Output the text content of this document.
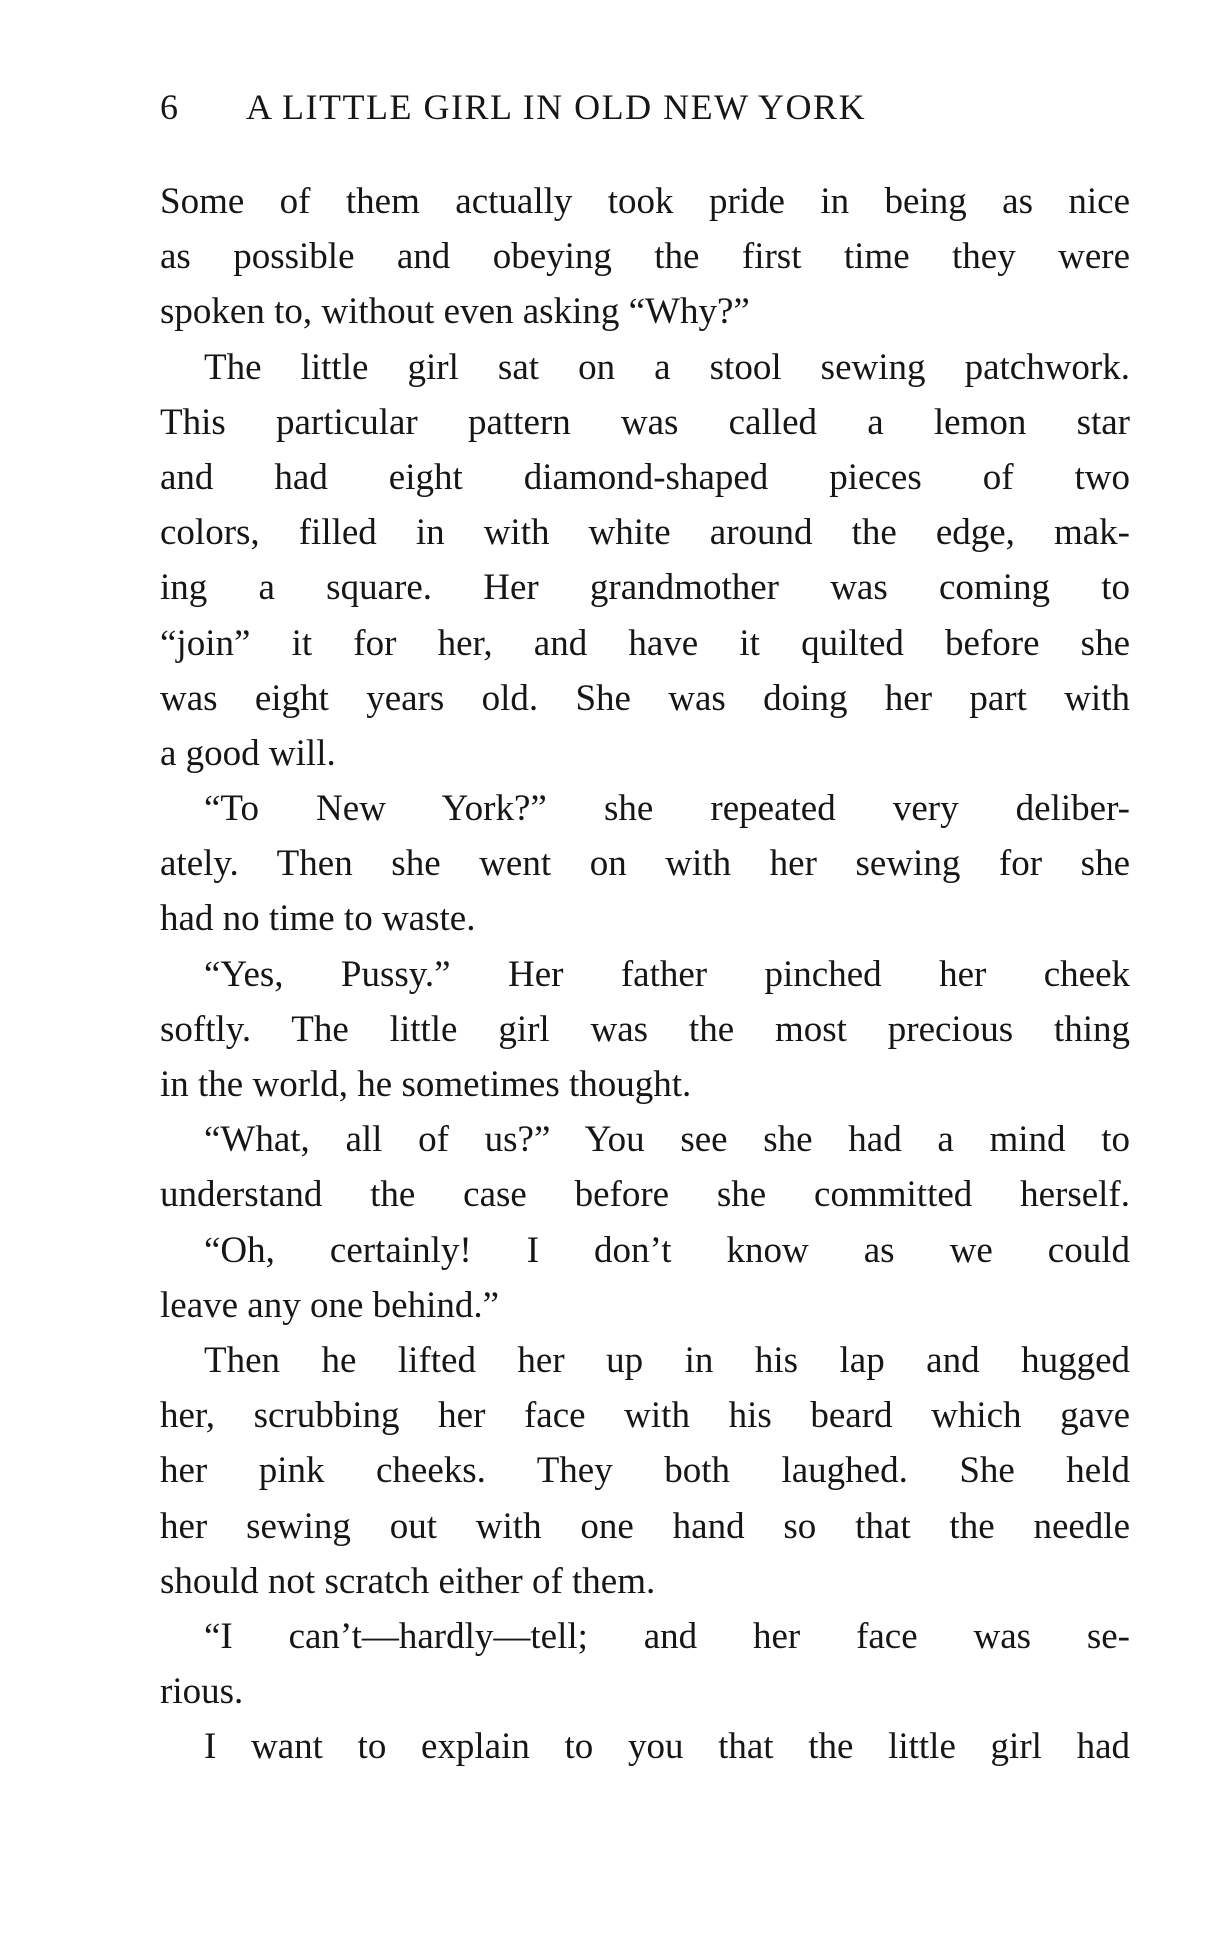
6 A LITTLE GIRL IN OLD NEW YORK
Some of them actually took pride in being as nice
as possible and obeying the first time they were
spoken to, without even asking “Why?”
The little girl sat on a stool sewing patchwork.
This particular pattern was called a lemon star
and had eight diamond-shaped pieces of two
colors, filled in with white around the edge, mak-
ing a square. Her grandmother was coming to
“join” it for her, and have it quilted before she
was eight years old. She was doing her part with
a good will.
“To New York?” she repeated very deliber-
ately. Then she went on with her sewing for she
had no time to waste.
“Yes, Pussy.” Her father pinched her cheek
softly. The little girl was the most precious thing
in the world, he sometimes thought.
“What, all of us?” You see she had a mind to
understand the case before she committed herself.
“Oh, certainly! I don’t know as we could
leave any one behind.”
Then he lifted her up in his lap and hugged
her, scrubbing her face with his beard which gave
her pink cheeks. They both laughed. She held
her sewing out with one hand so that the needle
should not scratch either of them.
“I can’t—hardly—tell; and her face was se-
rious.
I want to explain to you that the little girl had
